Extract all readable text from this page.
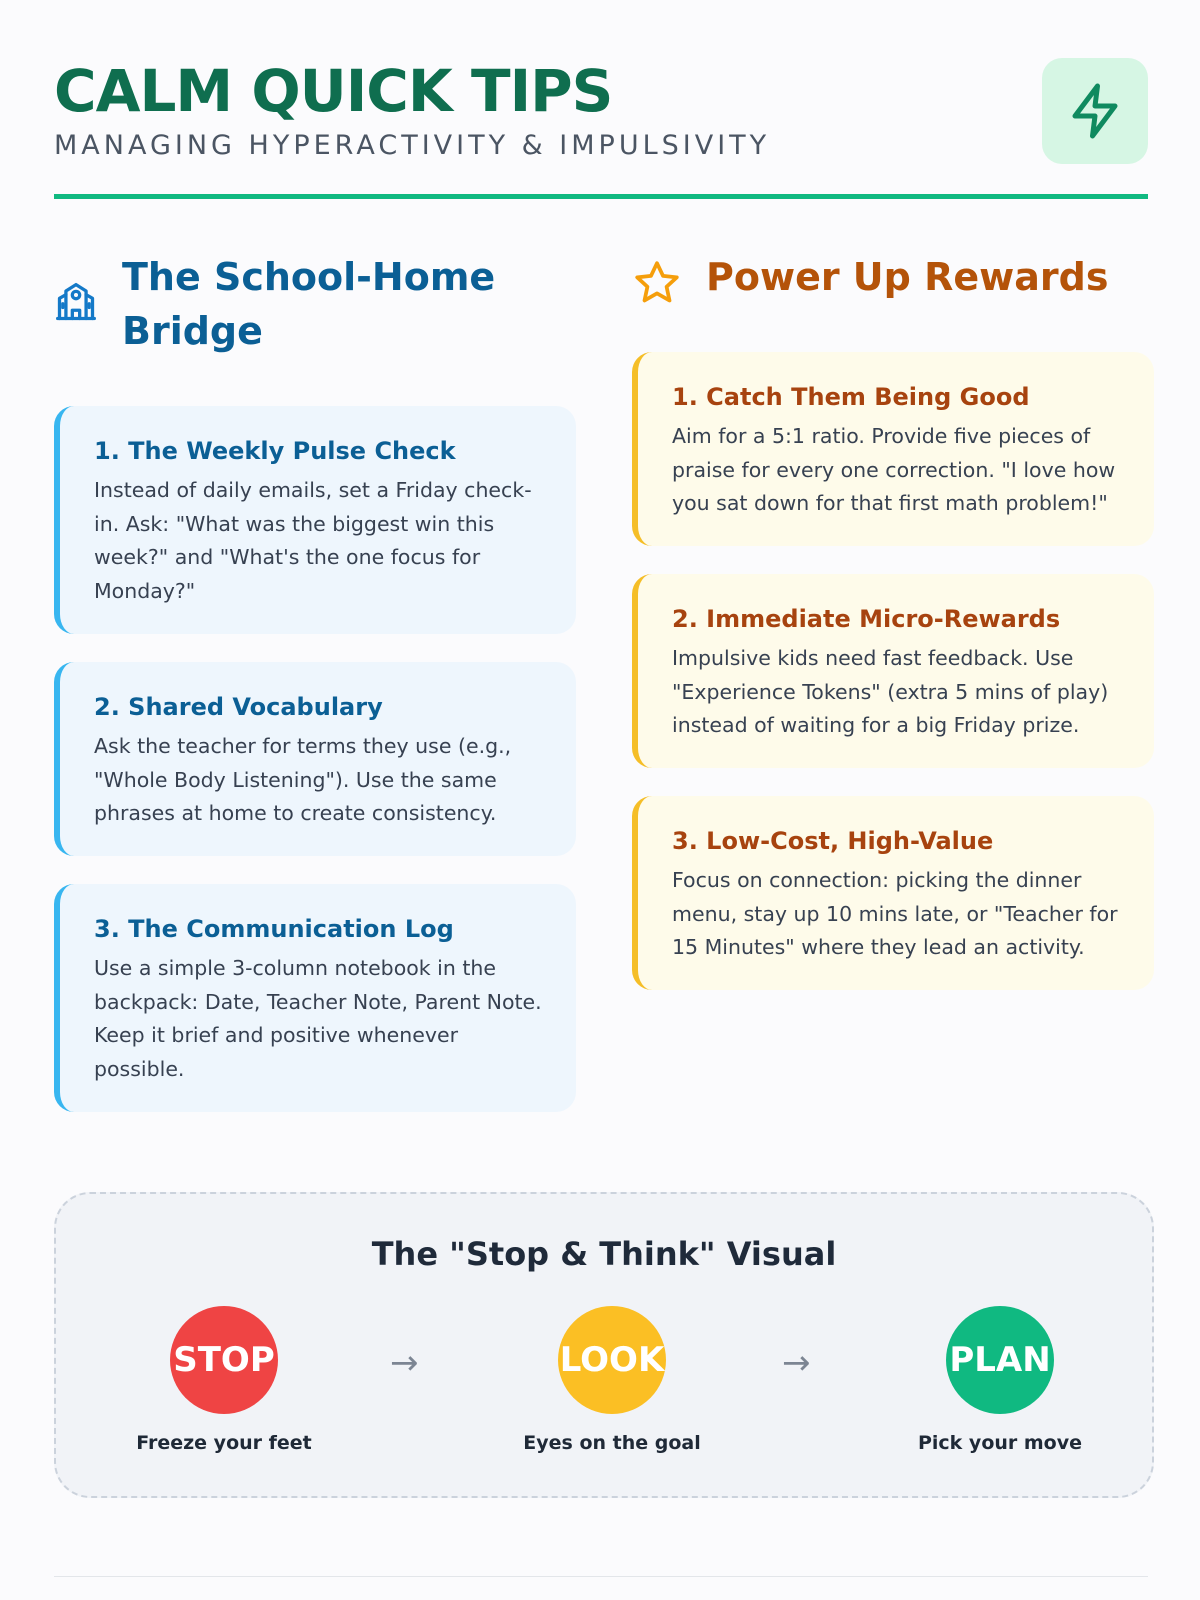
CALM QUICK TIPS
MANAGING HYPERACTIVITY & IMPULSIVITY
The School-Home Bridge
Power Up Rewards
1. The Weekly Pulse Check

Instead of daily emails, set a Friday check-in. Ask: "What was the biggest win this week?" and "What's the one focus for Monday?"

2. Shared Vocabulary

Ask the teacher for terms they use (e.g., "Whole Body Listening"). Use the same phrases at home to create consistency.

3. The Communication Log

Use a simple 3-column notebook in the backpack: Date, Teacher Note, Parent Note. Keep it brief and positive whenever possible.

1. Catch Them Being Good

Aim for a 5:1 ratio. Provide five pieces of praise for every one correction. "I love how you sat down for that first math problem!"

2. Immediate Micro-Rewards

Impulsive kids need fast feedback. Use "Experience Tokens" (extra 5 mins of play) instead of waiting for a big Friday prize.

3. Low-Cost, High-Value

Focus on connection: picking the dinner menu, stay up 10 mins late, or "Teacher for 15 Minutes" where they lead an activity.

The "Stop & Think" Visual
STOP
Freeze your feet
→	LOOK
Eyes on the goal
→	PLAN
Pick your move
